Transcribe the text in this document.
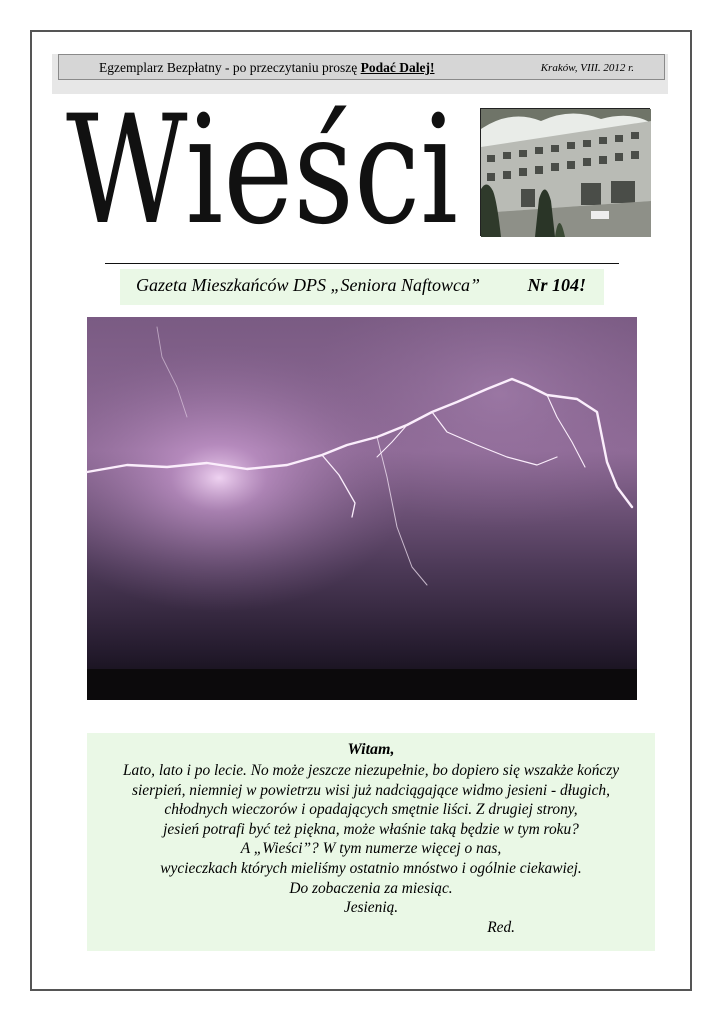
Egzemplarz Bezpłatny - po przeczytaniu proszę Podać Dalej!	Kraków, VIII. 2012 r.
Wieści
Gazeta Mieszkańców DPS „Seniora Naftowca”	Nr 104!
Witam,
Lato, lato i po lecie. No może jeszcze niezupełnie, bo dopiero się wszakże kończy
sierpień, niemniej w powietrzu wisi już nadciągające widmo jesieni - długich,
chłodnych wieczorów i opadających smętnie liści. Z drugiej strony,
jesień potrafi być też piękna, może właśnie taką będzie w tym roku?
A „Wieści”? W tym numerze więcej o nas,
wycieczkach których mieliśmy ostatnio mnóstwo i ogólnie ciekawiej.
Do zobaczenia za miesiąc.
Jesienią.
Red.
